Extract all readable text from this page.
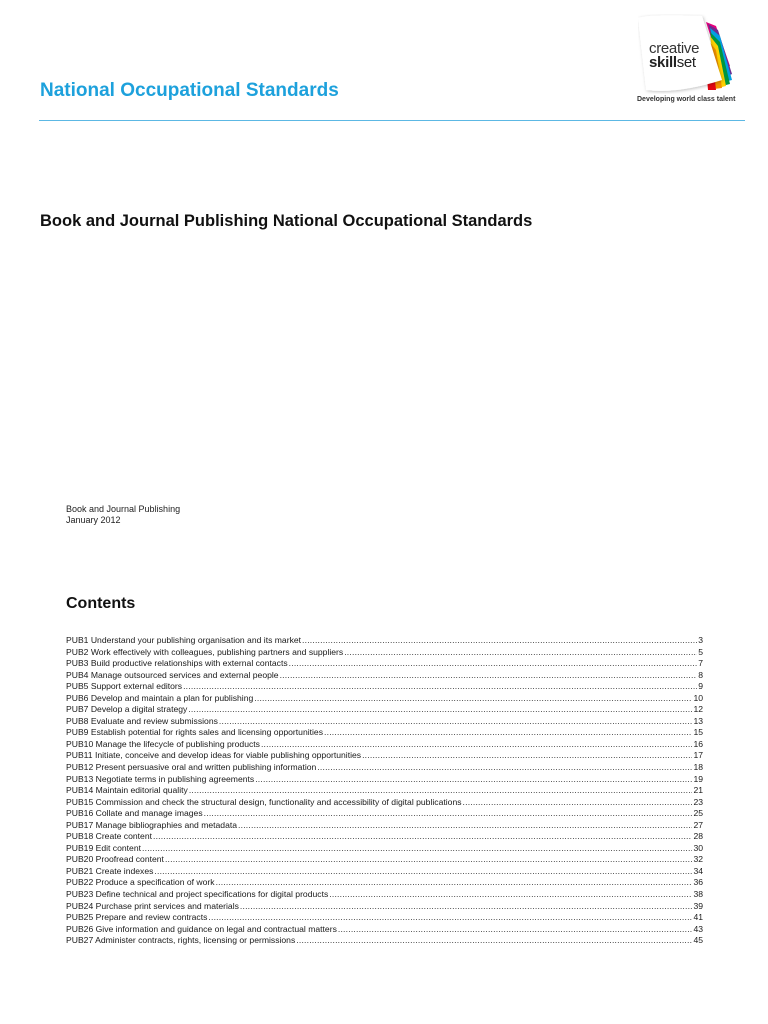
National Occupational Standards
creative
skillset
Developing world class talent
Book and Journal Publishing National Occupational Standards
Book and Journal Publishing
January 2012
Contents
PUB1 Understand your publishing organisation and its market .....	3
PUB2 Work effectively with colleagues, publishing partners and suppliers .....	5
PUB3 Build productive relationships with external contacts .....	7
PUB4 Manage outsourced services and external people .....	8
PUB5 Support external editors .....	9
PUB6 Develop and maintain a plan for publishing .....	10
PUB7 Develop a digital strategy .....	12
PUB8 Evaluate and review submissions .....	13
PUB9 Establish potential for rights sales and licensing opportunities .....	15
PUB10 Manage the lifecycle of publishing products .....	16
PUB11 Initiate, conceive and develop ideas for viable publishing opportunities .....	17
PUB12 Present persuasive oral and written publishing information .....	18
PUB13 Negotiate terms in publishing agreements .....	19
PUB14 Maintain editorial quality .....	21
PUB15 Commission and check the structural design, functionality and accessibility of digital publications .....	23
PUB16 Collate and manage images .....	25
PUB17 Manage bibliographies and metadata .....	27
PUB18 Create content .....	28
PUB19 Edit content .....	30
PUB20 Proofread content .....	32
PUB21 Create indexes .....	34
PUB22 Produce a specification of work .....	36
PUB23 Define technical and project specifications for digital products .....	38
PUB24 Purchase print services and materials .....	39
PUB25 Prepare and review contracts .....	41
PUB26 Give information and guidance on legal and contractual matters .....	43
PUB27 Administer contracts, rights, licensing or permissions .....	45
